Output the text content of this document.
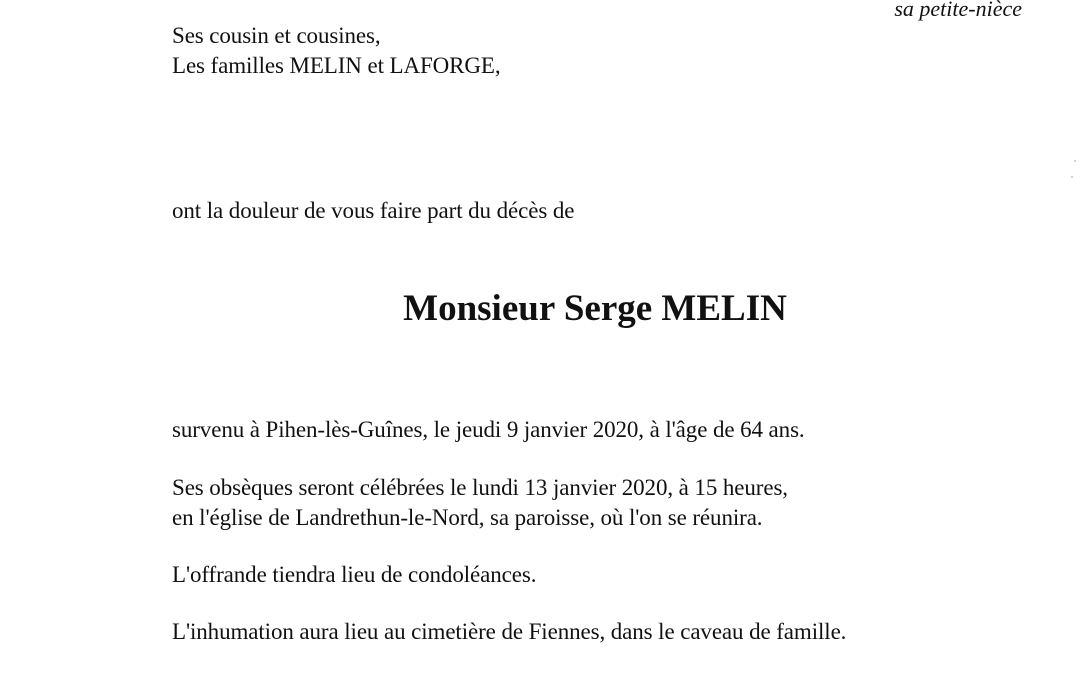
sa petite-nièce
Ses cousin et cousines,
Les familles MELIN et LAFORGE,
ont la douleur de vous faire part du décès de
Monsieur Serge MELIN
survenu à Pihen-lès-Guînes, le jeudi 9 janvier 2020, à l'âge de 64 ans.
Ses obsèques seront célébrées le lundi 13 janvier 2020, à 15 heures,
en l'église de Landrethun-le-Nord, sa paroisse, où l'on se réunira.
L'offrande tiendra lieu de condoléances.
L'inhumation aura lieu au cimetière de Fiennes, dans le caveau de famille.
